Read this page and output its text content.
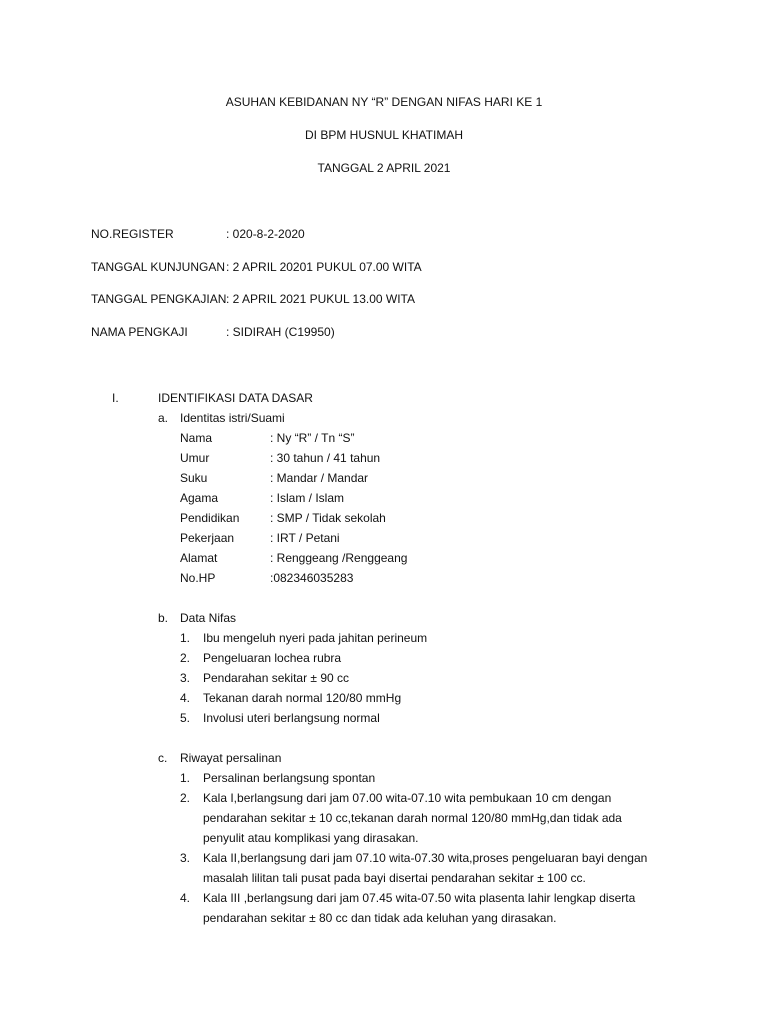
ASUHAN KEBIDANAN NY “R” DENGAN NIFAS HARI KE 1
DI BPM HUSNUL KHATIMAH
TANGGAL 2 APRIL 2021
NO.REGISTER	: 020-8-2-2020
TANGGAL KUNJUNGAN : 2 APRIL 20201 PUKUL 07.00 WITA
TANGGAL PENGKAJIAN : 2 APRIL 2021 PUKUL 13.00 WITA
NAMA PENGKAJI	: SIDIRAH (C19950)
I.	IDENTIFIKASI DATA DASAR
a. Identitas istri/Suami
Nama	: Ny “R” / Tn “S”
Umur	: 30 tahun / 41 tahun
Suku	: Mandar / Mandar
Agama	: Islam / Islam
Pendidikan	: SMP / Tidak sekolah
Pekerjaan	: IRT / Petani
Alamat	: Renggeang /Renggeang
No.HP	:082346035283
b. Data Nifas
1. Ibu mengeluh nyeri pada jahitan perineum
2. Pengeluaran lochea rubra
3. Pendarahan sekitar ± 90 cc
4. Tekanan darah normal 120/80 mmHg
5. Involusi uteri berlangsung normal
c. Riwayat persalinan
1. Persalinan berlangsung spontan
2. Kala I,berlangsung dari jam 07.00 wita-07.10 wita pembukaan 10 cm dengan
pendarahan sekitar ± 10 cc,tekanan darah normal 120/80 mmHg,dan tidak ada
penyulit atau komplikasi yang dirasakan.
3. Kala II,berlangsung dari jam 07.10 wita-07.30 wita,proses pengeluaran bayi dengan
masalah lilitan tali pusat pada bayi disertai pendarahan sekitar ± 100 cc.
4. Kala III ,berlangsung dari jam 07.45 wita-07.50 wita plasenta lahir lengkap diserta
pendarahan sekitar ± 80 cc dan tidak ada keluhan yang dirasakan.
